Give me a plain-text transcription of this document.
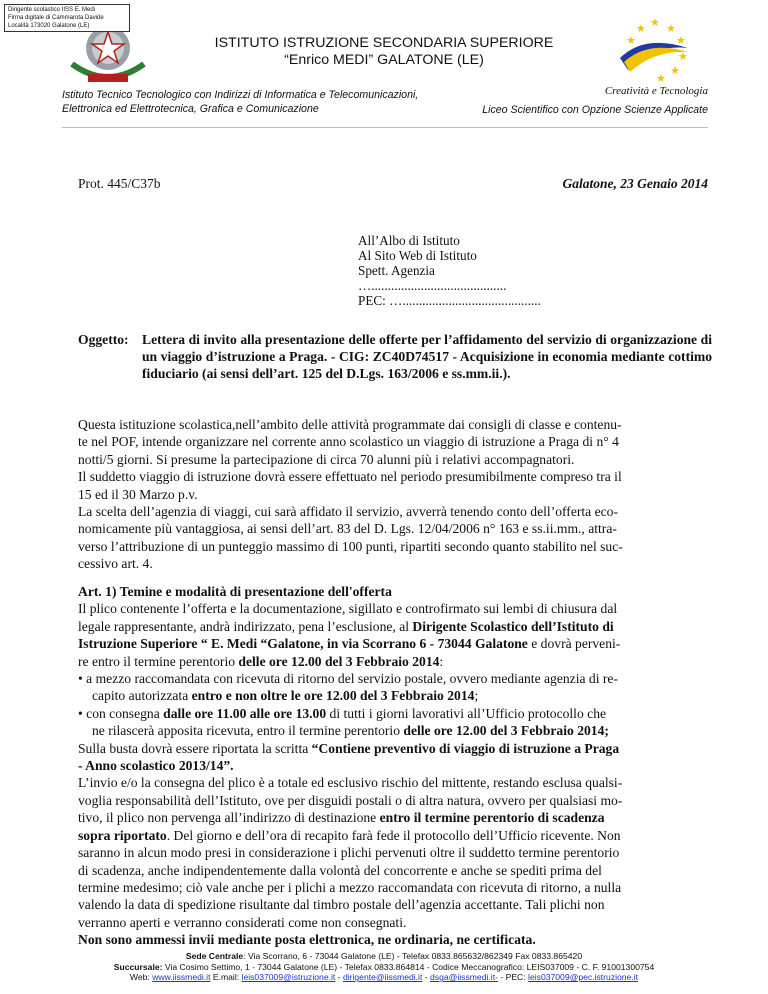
Dirigente scolastico IISS E. Medi
Firma digitale di Cammarota Davide
Località 173020 Galatone (LE)	★ ★
★
★
★
★
★
★
ISTITUTO ISTRUZIONE SECONDARIA SUPERIORE
“Enrico MEDI” GALATONE (LE)
Istituto Tecnico Tecnologico con Indirizzi di Informatica e Telecomunicazioni,
Elettronica ed Elettrotecnica, Grafica e Comunicazione
Creatività e Tecnologia
Liceo Scientifico con Opzione Scienze Applicate
Prot. 445/C37b	Galatone, 23 Genaio 2014
All’Albo di Istituto
Al Sito Web di Istituto
Spett. Agenzia
….........................................
PEC: …..........................................
Oggetto: Lettera di invito alla presentazione delle offerte per l’affidamento del servizio di organizzazione di un viaggio d’istruzione a Praga. - CIG: ZC40D74517 - Acquisizione in economia mediante cottimo fiduciario (ai sensi dell’art. 125 del D.Lgs. 163/2006 e ss.mm.ii.).
Questa istituzione scolastica,nell’ambito delle attività programmate dai consigli di classe e contenu-
te nel POF, intende organizzare nel corrente anno scolastico un viaggio di istruzione a Praga di n° 4
notti/5 giorni. Si presume la partecipazione di circa 70 alunni più i relativi accompagnatori.
Il suddetto viaggio di istruzione dovrà essere effettuato nel periodo presumibilmente compreso tra il
15 ed il 30 Marzo p.v.
La scelta dell’agenzia di viaggi, cui sarà affidato il servizio, avverrà tenendo conto dell’offerta eco-
nomicamente più vantaggiosa, ai sensi dell’art. 83 del D. Lgs. 12/04/2006 n° 163 e ss.ii.mm., attra-
verso l’attribuzione di un punteggio massimo di 100 punti, ripartiti secondo quanto stabilito nel suc-
cessivo art. 4.
Art. 1) Temine e modalità di presentazione dell'offerta
Il plico contenente l’offerta e la documentazione, sigillato e controfirmato sui lembi di chiusura dal
legale rappresentante, andrà indirizzato, pena l’esclusione, al Dirigente Scolastico dell’Istituto di
Istruzione Superiore “ E. Medi “Galatone, in via Scorrano 6 - 73044 Galatone e dovrà perveni-
re entro il termine perentorio delle ore 12.00 del 3 Febbraio 2014:
• a mezzo raccomandata con ricevuta di ritorno del servizio postale, ovvero mediante agenzia di re-
capito autorizzata entro e non oltre le ore 12.00 del 3 Febbraio 2014;
• con consegna dalle ore 11.00 alle ore 13.00 di tutti i giorni lavorativi all’Ufficio protocollo che
ne rilascerà apposita ricevuta, entro il termine perentorio delle ore 12.00 del 3 Febbraio 2014;
Sulla busta dovrà essere riportata la scritta “Contiene preventivo di viaggio di istruzione a Praga
- Anno scolastico 2013/14”.
L’invio e/o la consegna del plico è a totale ed esclusivo rischio del mittente, restando esclusa qualsi-
voglia responsabilità dell’Istituto, ove per disguidi postali o di altra natura, ovvero per qualsiasi mo-
tivo, il plico non pervenga all’indirizzo di destinazione entro il termine perentorio di scadenza
sopra riportato. Del giorno e dell’ora di recapito farà fede il protocollo dell’Ufficio ricevente. Non
saranno in alcun modo presi in considerazione i plichi pervenuti oltre il suddetto termine perentorio
di scadenza, anche indipendentemente dalla volontà del concorrente e anche se spediti prima del
termine medesimo; ciò vale anche per i plichi a mezzo raccomandata con ricevuta di ritorno, a nulla
valendo la data di spedizione risultante dal timbro postale dell’agenzia accettante. Tali plichi non
verranno aperti e verranno considerati come non consegnati.
Non sono ammessi invii mediante posta elettronica, ne ordinaria, ne certificata.
Sede Centrale: Via Scorrano, 6 - 73044 Galatone (LE) - Telefax 0833.865632/862349 Fax 0833.865420
Succursale: Via Cosimo Settimo, 1 - 73044 Galatone (LE) - Telefax 0833.864814 - Codice Meccanografico: LEIS037009 - C. F. 91001300754
Web: www.iissmedi.it E.mail: leis037009@istruzione.it - dirigente@iissmedi.it - dsga@iissmedi.it- - PEC: leis037009@pec.istruzione.it
